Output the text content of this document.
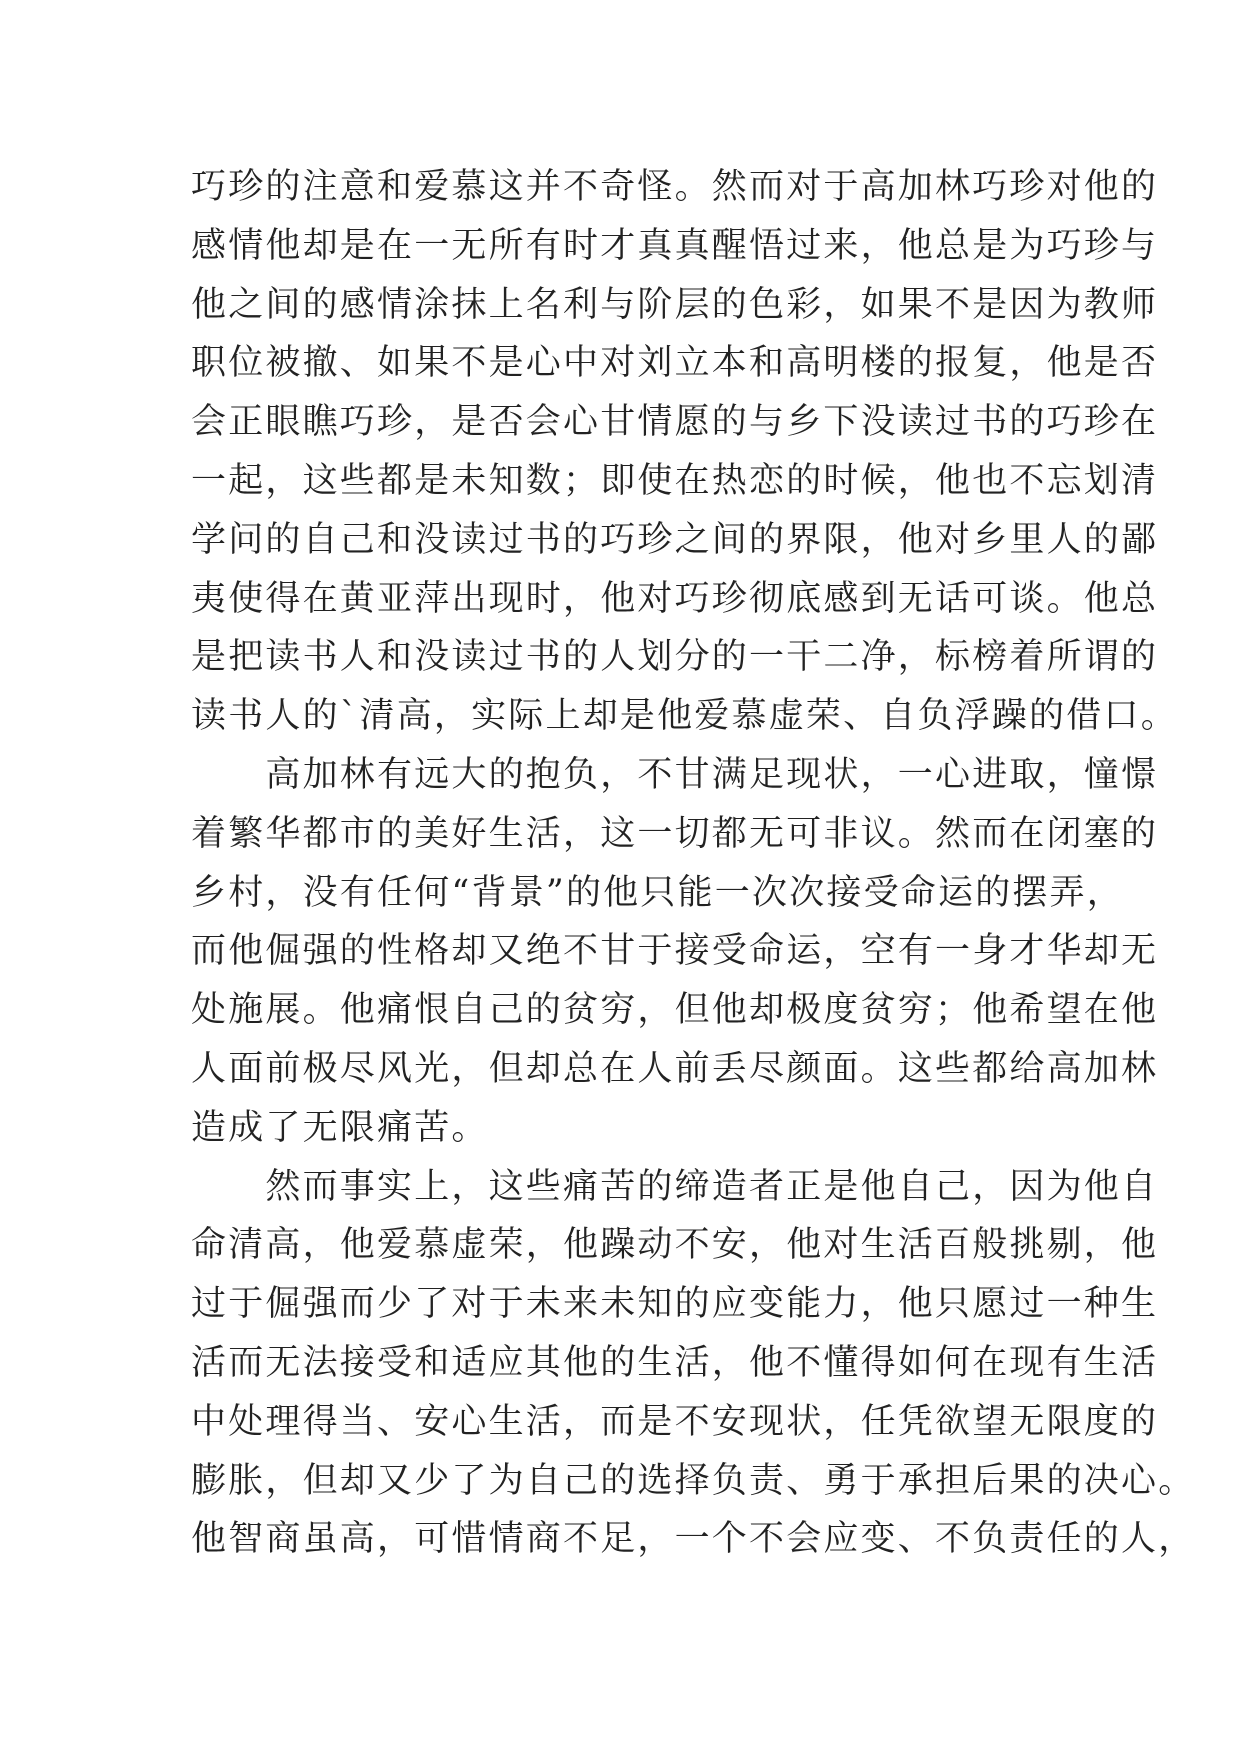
巧珍的注意和爱慕这并不奇怪。然而对于高加林巧珍对他的
感情他却是在一无所有时才真真醒悟过来，他总是为巧珍与
他之间的感情涂抹上名利与阶层的色彩，如果不是因为教师
职位被撤、如果不是心中对刘立本和高明楼的报复，他是否
会正眼瞧巧珍，是否会心甘情愿的与乡下没读过书的巧珍在
一起，这些都是未知数；即使在热恋的时候，他也不忘划清
学问的自己和没读过书的巧珍之间的界限，他对乡里人的鄙
夷使得在黄亚萍出现时，他对巧珍彻底感到无话可谈。他总
是把读书人和没读过书的人划分的一干二净，标榜着所谓的
读书人的`清高，实际上却是他爱慕虚荣、自负浮躁的借口。
　　高加林有远大的抱负，不甘满足现状，一心进取，憧憬
着繁华都市的美好生活，这一切都无可非议。然而在闭塞的
乡村，没有任何“背景”的他只能一次次接受命运的摆弄，
而他倔强的性格却又绝不甘于接受命运，空有一身才华却无
处施展。他痛恨自己的贫穷，但他却极度贫穷；他希望在他
人面前极尽风光，但却总在人前丢尽颜面。这些都给高加林
造成了无限痛苦。
　　然而事实上，这些痛苦的缔造者正是他自己，因为他自
命清高，他爱慕虚荣，他躁动不安，他对生活百般挑剔，他
过于倔强而少了对于未来未知的应变能力，他只愿过一种生
活而无法接受和适应其他的生活，他不懂得如何在现有生活
中处理得当、安心生活，而是不安现状，任凭欲望无限度的
膨胀，但却又少了为自己的选择负责、勇于承担后果的决心。
他智商虽高，可惜情商不足，一个不会应变、不负责任的人，
